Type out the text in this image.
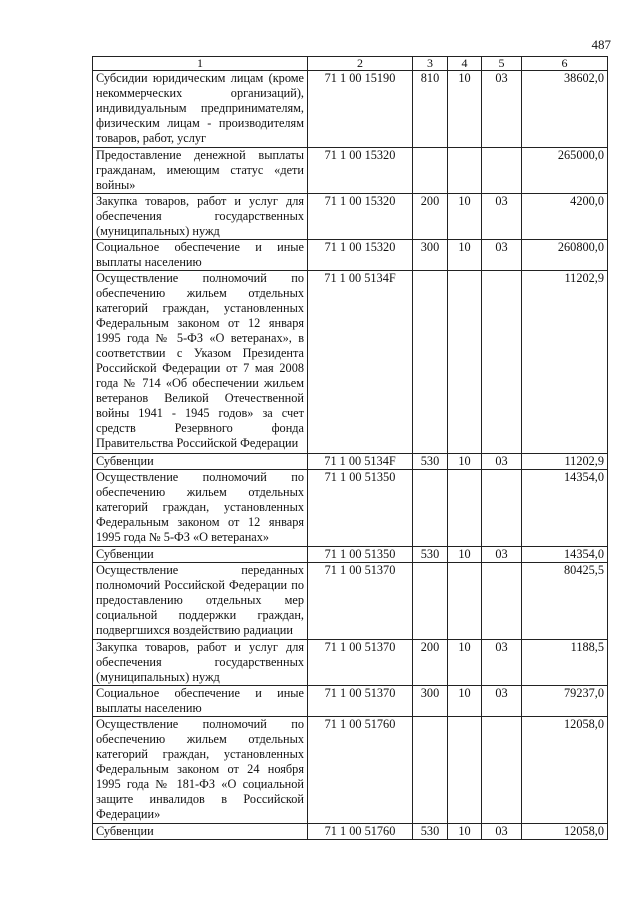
487
1	2	3	4	5	6
Субсидии юридическим лицам (кроме некоммерческих организаций), индивидуальным предпринимателям, физическим лицам - производителям товаров, работ, услуг	71 1 00 15190	810	10	03	38602,0
Предоставление денежной выплаты гражданам, имеющим статус «дети войны»	71 1 00 15320				265000,0
Закупка товаров, работ и услуг для обеспечения государственных (муниципальных) нужд	71 1 00 15320	200	10	03	4200,0
Социальное обеспечение и иные выплаты населению	71 1 00 15320	300	10	03	260800,0
Осуществление полномочий по обеспечению жильем отдельных категорий граждан, установленных Федеральным законом от 12 января 1995 года № 5-ФЗ «О ветеранах», в соответствии с Указом Президента Российской Федерации от 7 мая 2008 года № 714 «Об обеспечении жильем ветеранов Великой Отечественной войны 1941 - 1945 годов» за счет средств Резервного фонда Правительства Российской Федерации	71 1 00 5134F				11202,9
Субвенции	71 1 00 5134F	530	10	03	11202,9
Осуществление полномочий по обеспечению жильем отдельных категорий граждан, установленных Федеральным законом от 12 января 1995 года № 5-ФЗ «О ветеранах»	71 1 00 51350				14354,0
Субвенции	71 1 00 51350	530	10	03	14354,0
Осуществление переданных полномочий Российской Федерации по предоставлению отдельных мер социальной поддержки граждан, подвергшихся воздействию радиации	71 1 00 51370				80425,5
Закупка товаров, работ и услуг для обеспечения государственных (муниципальных) нужд	71 1 00 51370	200	10	03	1188,5
Социальное обеспечение и иные выплаты населению	71 1 00 51370	300	10	03	79237,0
Осуществление полномочий по обеспечению жильем отдельных категорий граждан, установленных Федеральным законом от 24 ноября 1995 года № 181-ФЗ «О социальной защите инвалидов в Российской Федерации»	71 1 00 51760				12058,0
Субвенции	71 1 00 51760	530	10	03	12058,0
